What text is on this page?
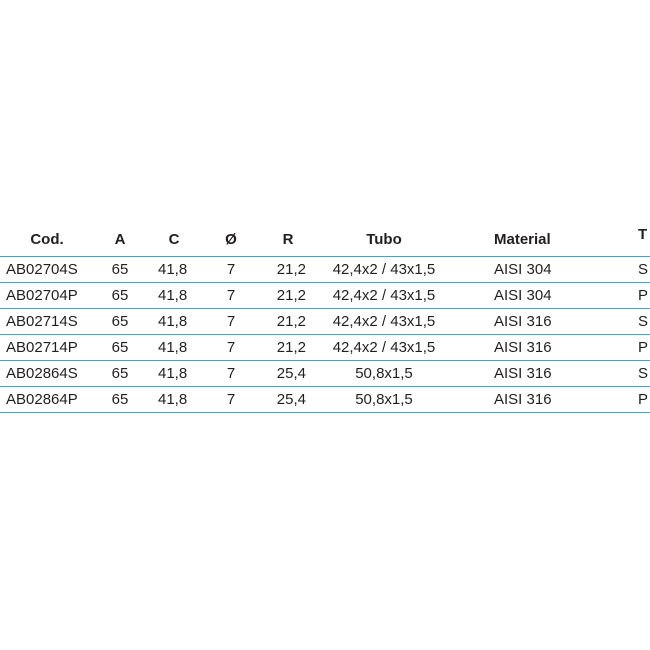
Cod.	A	C	Ø	R	Tubo	Material	T
AB02704S	65	41,8	7	21,2	42,4x2 / 43x1,5	AISI 304	S
AB02704P	65	41,8	7	21,2	42,4x2 / 43x1,5	AISI 304	P
AB02714S	65	41,8	7	21,2	42,4x2 / 43x1,5	AISI 316	S
AB02714P	65	41,8	7	21,2	42,4x2 / 43x1,5	AISI 316	P
AB02864S	65	41,8	7	25,4	50,8x1,5	AISI 316	S
AB02864P	65	41,8	7	25,4	50,8x1,5	AISI 316	P
